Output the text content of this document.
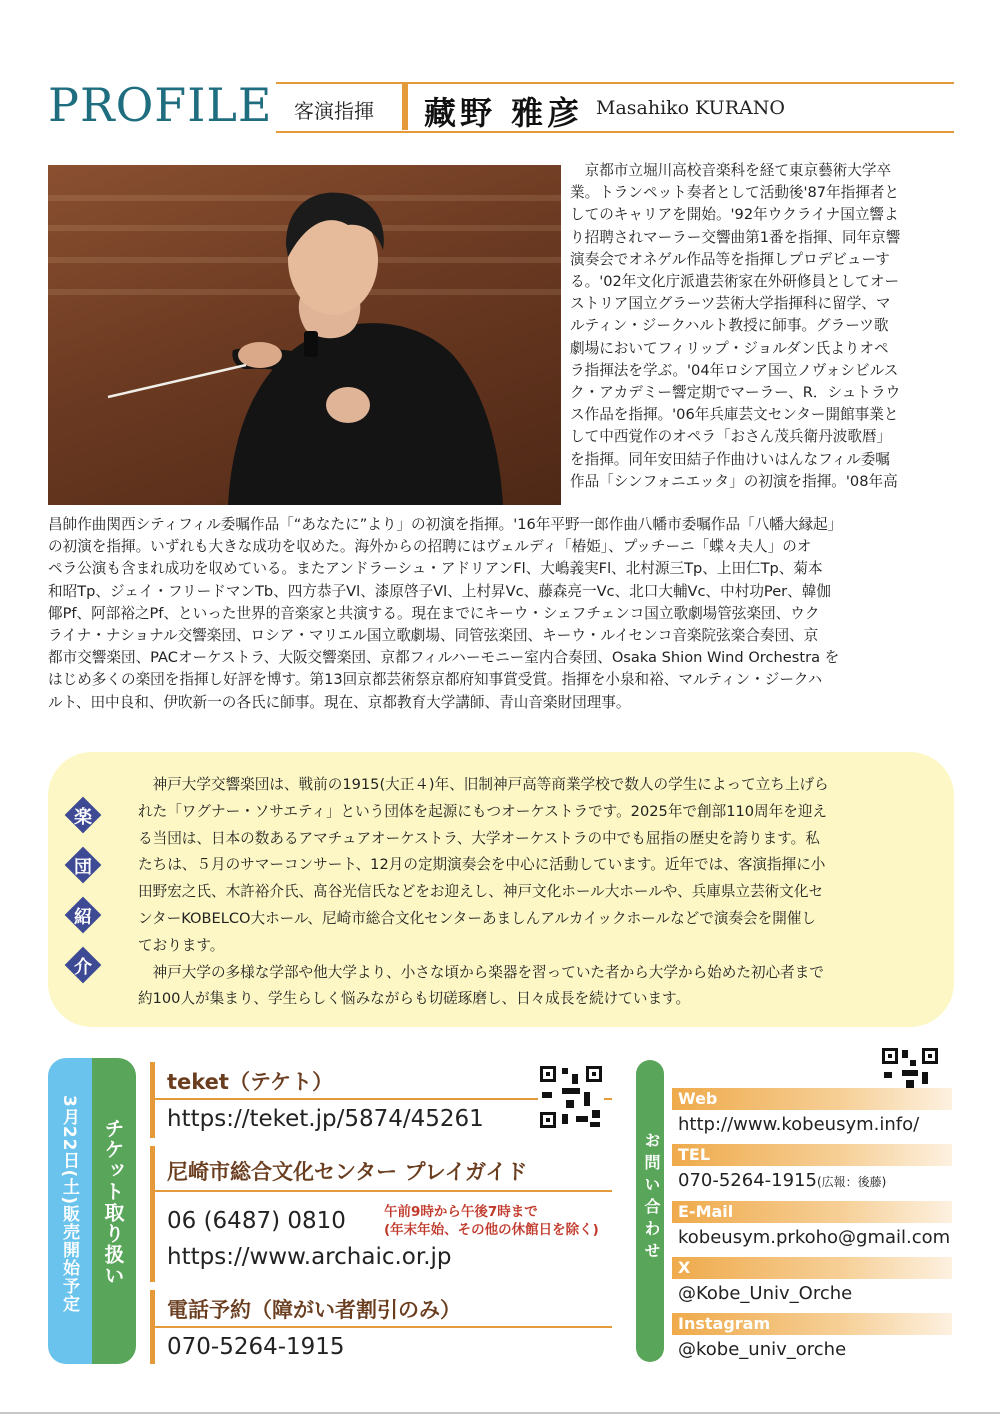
PROFILE 客演指揮 藏野 雅彦 Masahiko KURANO
　京都市立堀川高校音楽科を経て東京藝術大学卒
業。トランペット奏者として活動後'87年指揮者と
してのキャリアを開始。'92年ウクライナ国立響よ
り招聘されマーラー交響曲第1番を指揮、同年京響
演奏会でオネゲル作品等を指揮しプロデビューす
る。'02年文化庁派遣芸術家在外研修員としてオー
ストリア国立グラーツ芸術大学指揮科に留学、マ
ルティン・ジークハルト教授に師事。グラーツ歌
劇場においてフィリップ・ジョルダン氏よりオペ
ラ指揮法を学ぶ。'04年ロシア国立ノヴォシビルス
ク・アカデミー響定期でマーラー、R．シュトラウ
ス作品を指揮。'06年兵庫芸文センター開館事業と
して中西覚作のオペラ「おさん茂兵衛丹波歌暦」
を指揮。同年安田結子作曲けいはんなフィル委嘱
作品「シンフォニエッタ」の初演を指揮。'08年高
昌帥作曲関西シティフィル委嘱作品「“あなたに”より」の初演を指揮。'16年平野一郎作曲八幡市委嘱作品「八幡大縁起」
の初演を指揮。いずれも大きな成功を収めた。海外からの招聘にはヴェルディ「椿姫」、プッチーニ「蝶々夫人」のオ
ペラ公演も含まれ成功を収めている。またアンドラーシュ・アドリアンFl、大嶋義実Fl、北村源三Tp、上田仁Tp、菊本
和昭Tp、ジェイ・フリードマンTb、四方恭子Vl、漆原啓子Vl、上村昇Vc、藤森亮一Vc、北口大輔Vc、中村功Per、韓伽
倻Pf、阿部裕之Pf、といった世界的音楽家と共演する。現在までにキーウ・シェフチェンコ国立歌劇場管弦楽団、ウク
ライナ・ナショナル交響楽団、ロシア・マリエル国立歌劇場、同管弦楽団、キーウ・ルイセンコ音楽院弦楽合奏団、京
都市交響楽団、PACオーケストラ、大阪交響楽団、京都フィルハーモニー室内合奏団、Osaka Shion Wind Orchestra を
はじめ多くの楽団を指揮し好評を博す。第13回京都芸術祭京都府知事賞受賞。指揮を小泉和裕、マルティン・ジークハ
ルト、田中良和、伊吹新一の各氏に師事。現在、京都教育大学講師、青山音楽財団理事。
楽
団
紹
介
　神戸大学交響楽団は、戦前の1915(大正４)年、旧制神戸高等商業学校で数人の学生によって立ち上げら
れた「ワグナー・ソサエティ」という団体を起源にもつオーケストラです。2025年で創部110周年を迎え
る当団は、日本の数あるアマチュアオーケストラ、大学オーケストラの中でも屈指の歴史を誇ります。私
たちは、５月のサマーコンサート、12月の定期演奏会を中心に活動しています。近年では、客演指揮に小
田野宏之氏、木許裕介氏、髙谷光信氏などをお迎えし、神戸文化ホール大ホールや、兵庫県立芸術文化セ
ンターKOBELCO大ホール、尼崎市総合文化センターあましんアルカイックホールなどで演奏会を開催し
ております。
　神戸大学の多様な学部や他大学より、小さな頃から楽器を習っていた者から大学から始めた初心者まで
約100人が集まり、学生らしく悩みながらも切磋琢磨し、日々成長を続けています。
3月22日(土)販売開始予定 チケット取り扱い
teket（テケト）
https://teket.jp/5874/45261
尼崎市総合文化センター プレイガイド
06 (6487) 0810	午前9時から午後7時まで
(年末年始、その他の休館日を除く)
https://www.archaic.or.jp
電話予約（障がい者割引のみ）
070-5264-1915
お問い合わせ
Web
http://www.kobeusym.info/
TEL
070-5264-1915(広報：後藤)
E-Mail
kobeusym.prkoho@gmail.com
X
@Kobe_Univ_Orche
Instagram
@kobe_univ_orche
